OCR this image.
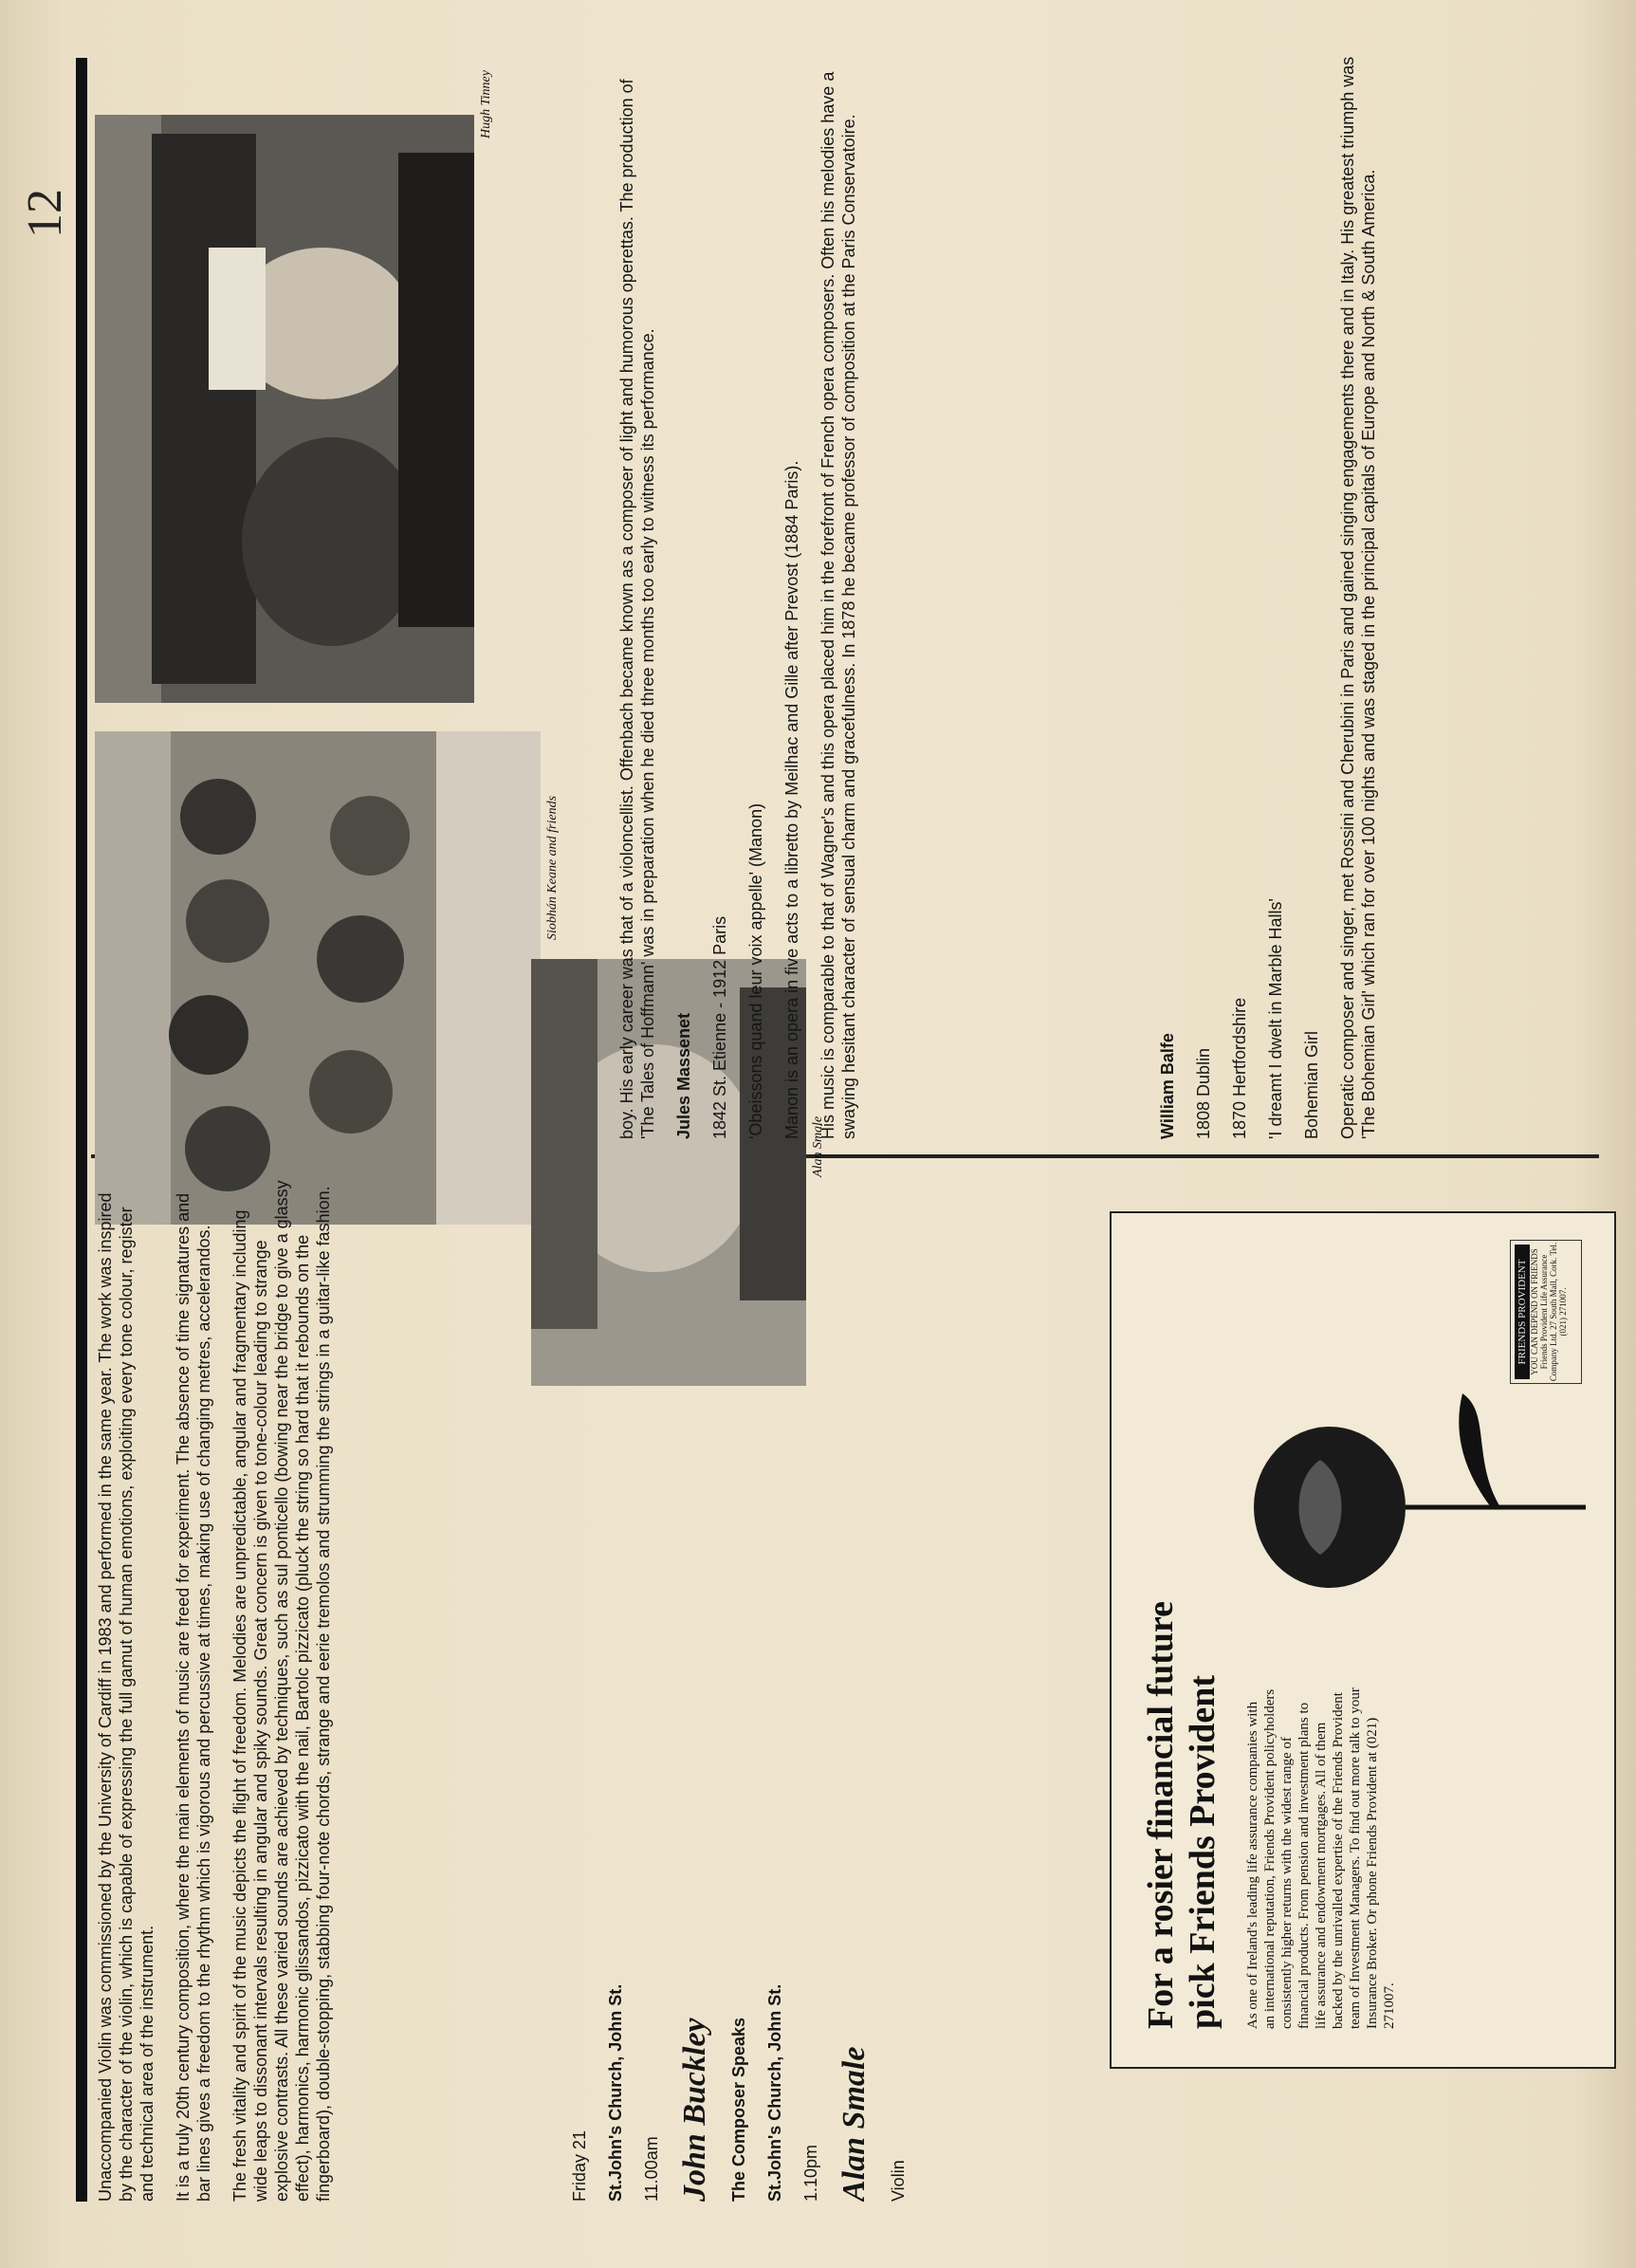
12
Hugh Tinney
Siobhán Keane and friends
Alan Smale
For a rosier financial future pick Friends Provident As one of Ireland's leading life assurance companies with an international reputation, Friends Provident policyholders consistently higher returns with the widest range of financial products. From pension and investment plans to life assurance and endowment mortgages. All of them backed by the unrivalled expertise of the Friends Provident team of Investment Managers. To find out more talk to your Insurance Broker. Or phone Friends Provident at (021) 271007.
FRIENDS PROVIDENT YOU CAN DEPEND ON FRIENDS Friends Provident Life Assurance Company Ltd. 27 South Mall, Cork. Tel. (021) 271007.

boy. His early career was that of a violoncellist. Offenbach became known as a composer of light and humorous operettas. The production of 'The Tales of Hoffmann' was in preparation when he died three months too early to witness its performance. Jules Massenet 1842 St. Etienne - 1912 Paris 'Obeissons quand leur voix appelle' (Manon) Manon is an opera in five acts to a libretto by Meilhac and Gille after Prevost (1884 Paris). His music is comparable to that of Wagner's and this opera placed him in the forefront of French opera composers. Often his melodies have a swaying hesitant character of sensual charm and gracefulness. In 1878 he became professor of composition at the Paris Conservatoire.	William Balfe 1808 Dublin 1870 Hertfordshire 'I dreamt I dwelt in Marble Halls' Bohemian Girl Operatic composer and singer, met Rossini and Cherubini in Paris and gained singing engagements there and in Italy. His greatest triumph was 'The Bohemian Girl' which ran for over 100 nights and was staged in the principal capitals of Europe and North & South America.

Friday 21 St.John's Church, John St. 11.00am John Buckley The Composer Speaks St.John's Church, John St. 1.10pm Alan Smale Violin

Unaccompanied Violin was commissioned by the University of Cardiff in 1983 and performed in the same year. The work was inspired by the character of the violin, which is capable of expressing the full gamut of human emotions, exploiting every tone colour, register and technical area of the instrument. It is a truly 20th century composition, where the main elements of music are freed for experiment. The absence of time signatures and bar lines gives a freedom to the rhythm which is vigorous and percussive at times, making use of changing metres, accelerandos. The fresh vitality and spirit of the music depicts the flight of freedom. Melodies are unpredictable, angular and fragmentary including wide leaps to dissonant intervals resulting in angular and spiky sounds. Great concern is given to tone-colour leading to strange explosive contrasts. All these varied sounds are achieved by techniques, such as sul ponticello (bowing near the bridge to give a glassy effect), harmonics, harmonic glissandos, pizzicato with the nail, Bartolc pizzicato (pluck the string so hard that it rebounds on the fingerboard), double-stopping, stabbing four-note chords, strange and eerie tremolos and strumming the strings in a guitar-like fashion.
